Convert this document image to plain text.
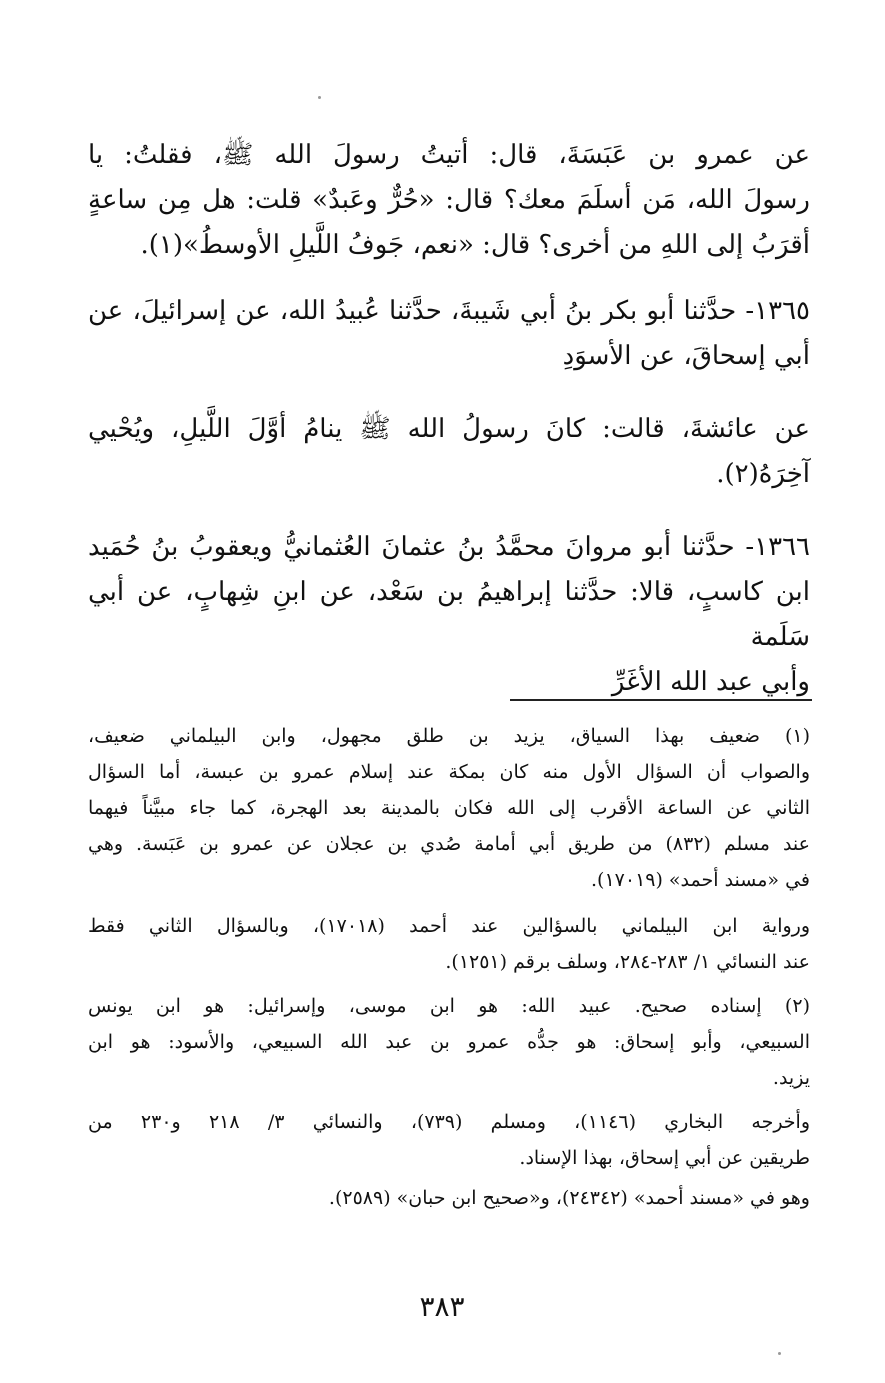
عن عمرو بن عَبَسَةَ، قال: أتيتُ رسولَ الله ﷺ، فقلتُ: يا
رسولَ الله، مَن أسلَمَ معك؟ قال: «حُرٌّ وعَبدٌ» قلت: هل مِن ساعةٍ
أقرَبُ إلى اللهِ من أخرى؟ قال: «نعم، جَوفُ اللَّيلِ الأوسطُ»(١).

١٣٦٥- حدَّثنا أبو بكر بنُ أبي شَيبةَ، حدَّثنا عُبيدُ الله، عن إسرائيلَ، عن
أبي إسحاقَ، عن الأسوَدِ

عن عائشةَ، قالت: كانَ رسولُ الله ﷺ ينامُ أوَّلَ اللَّيلِ، ويُحْيي
آخِرَهُ(٢).

١٣٦٦- حدَّثنا أبو مروانَ محمَّدُ بنُ عثمانَ العُثمانيُّ ويعقوبُ بنُ حُمَيد
ابن كاسبٍ، قالا: حدَّثنا إبراهيمُ بن سَعْد، عن ابنِ شِهابٍ، عن أبي سَلَمة
وأبي عبد الله الأغَرِّ

(١) ضعيف بهذا السياق، يزيد بن طلق مجهول، وابن البيلماني ضعيف،
والصواب أن السؤال الأول منه كان بمكة عند إسلام عمرو بن عبسة، أما السؤال
الثاني عن الساعة الأقرب إلى الله فكان بالمدينة بعد الهجرة، كما جاء مبيَّناً فيهما
عند مسلم (٨٣٢) من طريق أبي أمامة صُدي بن عجلان عن عمرو بن عَبَسة. وهي
في «مسند أحمد» (١٧٠١٩).

ورواية ابن البيلماني بالسؤالين عند أحمد (١٧٠١٨)، وبالسؤال الثاني فقط
عند النسائي ١/ ٢٨٣-٢٨٤، وسلف برقم (١٢٥١).

(٢) إسناده صحيح. عبيد الله: هو ابن موسى، وإسرائيل: هو ابن يونس
السبيعي، وأبو إسحاق: هو جدُّه عمرو بن عبد الله السبيعي، والأسود: هو ابن
يزيد.

وأخرجه البخاري (١١٤٦)، ومسلم (٧٣٩)، والنسائي ٣/ ٢١٨ و٢٣٠ من
طريقين عن أبي إسحاق، بهذا الإسناد.

وهو في «مسند أحمد» (٢٤٣٤٢)، و«صحيح ابن حبان» (٢٥٨٩).

٣٨٣
